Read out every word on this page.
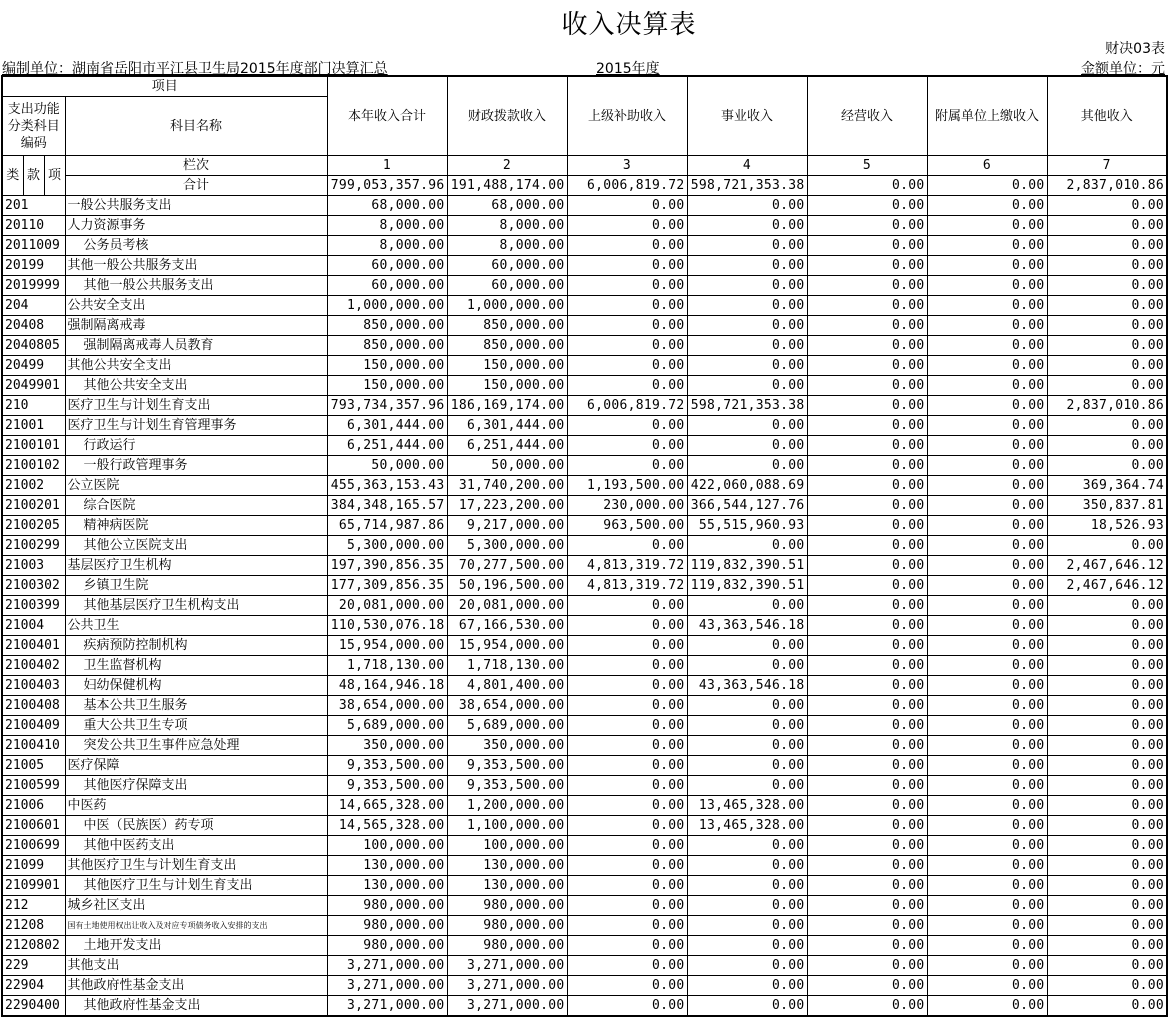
收入决算表
财决03表
编制单位：湖南省岳阳市平江县卫生局2015年度部门决算汇总	2015年度	金额单位：元
项目				本年收入合计	财政拨款收入	上级补助收入	事业收入	经营收入	附属单位上缴收入	其他收入
支出功能分类科目编码			科目名称							
类	款	项	栏次	1	2	3	4	5	6	7
			合计	799,053,357.96	191,488,174.00	6,006,819.72	598,721,353.38	0.00	0.00	2,837,010.86
201			一般公共服务支出	68,000.00	68,000.00	0.00	0.00	0.00	0.00	0.00
20110			人力资源事务	8,000.00	8,000.00	0.00	0.00	0.00	0.00	0.00
2011009			公务员考核	8,000.00	8,000.00	0.00	0.00	0.00	0.00	0.00
20199			其他一般公共服务支出	60,000.00	60,000.00	0.00	0.00	0.00	0.00	0.00
2019999			其他一般公共服务支出	60,000.00	60,000.00	0.00	0.00	0.00	0.00	0.00
204			公共安全支出	1,000,000.00	1,000,000.00	0.00	0.00	0.00	0.00	0.00
20408			强制隔离戒毒	850,000.00	850,000.00	0.00	0.00	0.00	0.00	0.00
2040805			强制隔离戒毒人员教育	850,000.00	850,000.00	0.00	0.00	0.00	0.00	0.00
20499			其他公共安全支出	150,000.00	150,000.00	0.00	0.00	0.00	0.00	0.00
2049901			其他公共安全支出	150,000.00	150,000.00	0.00	0.00	0.00	0.00	0.00
210			医疗卫生与计划生育支出	793,734,357.96	186,169,174.00	6,006,819.72	598,721,353.38	0.00	0.00	2,837,010.86
21001			医疗卫生与计划生育管理事务	6,301,444.00	6,301,444.00	0.00	0.00	0.00	0.00	0.00
2100101			行政运行	6,251,444.00	6,251,444.00	0.00	0.00	0.00	0.00	0.00
2100102			一般行政管理事务	50,000.00	50,000.00	0.00	0.00	0.00	0.00	0.00
21002			公立医院	455,363,153.43	31,740,200.00	1,193,500.00	422,060,088.69	0.00	0.00	369,364.74
2100201			综合医院	384,348,165.57	17,223,200.00	230,000.00	366,544,127.76	0.00	0.00	350,837.81
2100205			精神病医院	65,714,987.86	9,217,000.00	963,500.00	55,515,960.93	0.00	0.00	18,526.93
2100299			其他公立医院支出	5,300,000.00	5,300,000.00	0.00	0.00	0.00	0.00	0.00
21003			基层医疗卫生机构	197,390,856.35	70,277,500.00	4,813,319.72	119,832,390.51	0.00	0.00	2,467,646.12
2100302			乡镇卫生院	177,309,856.35	50,196,500.00	4,813,319.72	119,832,390.51	0.00	0.00	2,467,646.12
2100399			其他基层医疗卫生机构支出	20,081,000.00	20,081,000.00	0.00	0.00	0.00	0.00	0.00
21004			公共卫生	110,530,076.18	67,166,530.00	0.00	43,363,546.18	0.00	0.00	0.00
2100401			疾病预防控制机构	15,954,000.00	15,954,000.00	0.00	0.00	0.00	0.00	0.00
2100402			卫生监督机构	1,718,130.00	1,718,130.00	0.00	0.00	0.00	0.00	0.00
2100403			妇幼保健机构	48,164,946.18	4,801,400.00	0.00	43,363,546.18	0.00	0.00	0.00
2100408			基本公共卫生服务	38,654,000.00	38,654,000.00	0.00	0.00	0.00	0.00	0.00
2100409			重大公共卫生专项	5,689,000.00	5,689,000.00	0.00	0.00	0.00	0.00	0.00
2100410			突发公共卫生事件应急处理	350,000.00	350,000.00	0.00	0.00	0.00	0.00	0.00
21005			医疗保障	9,353,500.00	9,353,500.00	0.00	0.00	0.00	0.00	0.00
2100599			其他医疗保障支出	9,353,500.00	9,353,500.00	0.00	0.00	0.00	0.00	0.00
21006			中医药	14,665,328.00	1,200,000.00	0.00	13,465,328.00	0.00	0.00	0.00
2100601			中医（民族医）药专项	14,565,328.00	1,100,000.00	0.00	13,465,328.00	0.00	0.00	0.00
2100699			其他中医药支出	100,000.00	100,000.00	0.00	0.00	0.00	0.00	0.00
21099			其他医疗卫生与计划生育支出	130,000.00	130,000.00	0.00	0.00	0.00	0.00	0.00
2109901			其他医疗卫生与计划生育支出	130,000.00	130,000.00	0.00	0.00	0.00	0.00	0.00
212			城乡社区支出	980,000.00	980,000.00	0.00	0.00	0.00	0.00	0.00
21208			国有土地使用权出让收入及对应专项债务收入安排的支出	980,000.00	980,000.00	0.00	0.00	0.00	0.00	0.00
2120802			土地开发支出	980,000.00	980,000.00	0.00	0.00	0.00	0.00	0.00
229			其他支出	3,271,000.00	3,271,000.00	0.00	0.00	0.00	0.00	0.00
22904			其他政府性基金支出	3,271,000.00	3,271,000.00	0.00	0.00	0.00	0.00	0.00
2290400			其他政府性基金支出	3,271,000.00	3,271,000.00	0.00	0.00	0.00	0.00	0.00
